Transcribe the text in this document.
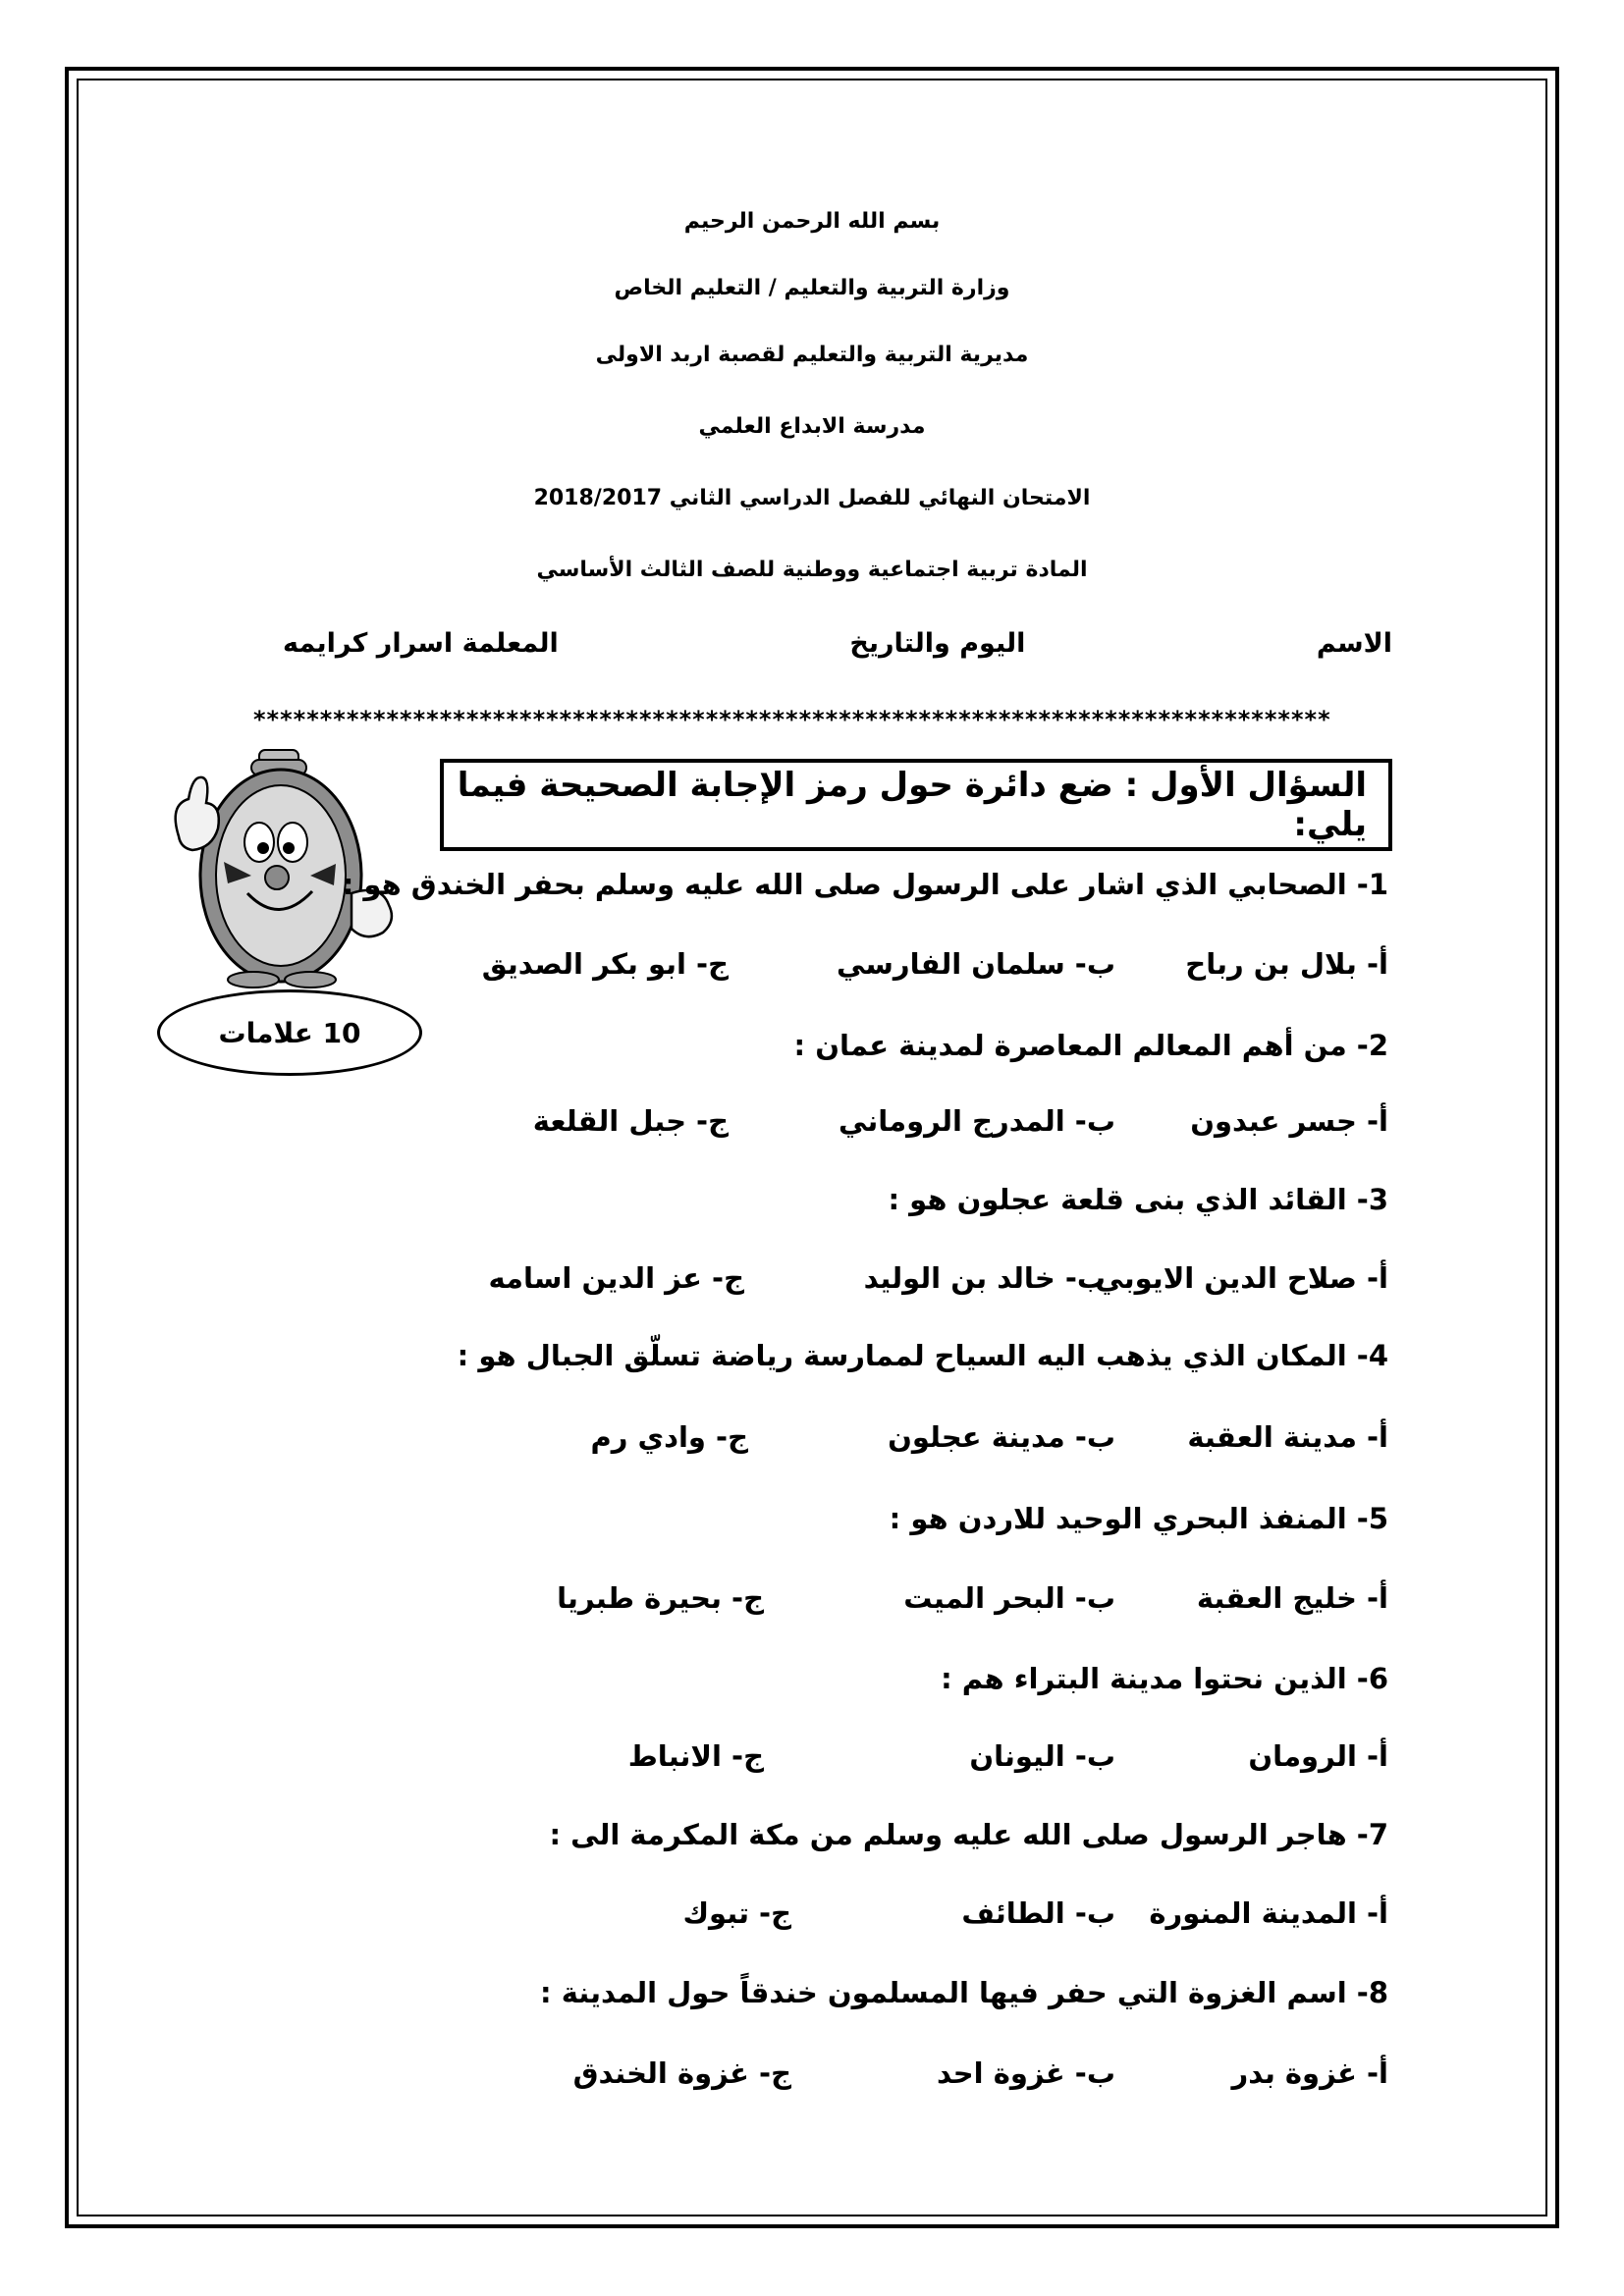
بسم الله الرحمن الرحيم
وزارة التربية والتعليم / التعليم الخاص
مديرية التربية والتعليم لقصبة اربد الاولى
مدرسة الابداع العلمي
الامتحان النهائي للفصل الدراسي الثاني 2018/2017
المادة تربية اجتماعية ووطنية للصف الثالث الأساسي
الاسم
اليوم والتاريخ
المعلمة اسرار كرايمه
*********************************************************************************
السؤال الأول : ضع دائرة حول رمز الإجابة الصحيحة فيما يلي:
10 علامات
1- الصحابي الذي اشار على الرسول صلى الله عليه وسلم بحفر الخندق هو :
أ- بلال بن رباح
ب- سلمان الفارسي
ج- ابو بكر الصديق
2- من أهم المعالم المعاصرة لمدينة عمان :
أ- جسر عبدون
ب- المدرج الروماني
ج- جبل القلعة
3- القائد الذي بنى قلعة عجلون هو :
أ- صلاح الدين الايوبي
ب- خالد بن الوليد
ج- عز الدين اسامه
4- المكان الذي يذهب اليه السياح لممارسة رياضة تسلّق الجبال هو :
أ- مدينة العقبة
ب- مدينة عجلون
ج- وادي رم
5- المنفذ البحري الوحيد للاردن هو :
أ- خليج العقبة
ب- البحر الميت
ج- بحيرة طبريا
6- الذين نحتوا مدينة البتراء هم :
أ- الرومان
ب- اليونان
ج- الانباط
7- هاجر الرسول صلى الله عليه وسلم من مكة المكرمة الى :
أ- المدينة المنورة
ب- الطائف
ج- تبوك
8- اسم الغزوة التي حفر فيها المسلمون خندقاً حول المدينة :
أ- غزوة بدر
ب- غزوة احد
ج- غزوة الخندق
